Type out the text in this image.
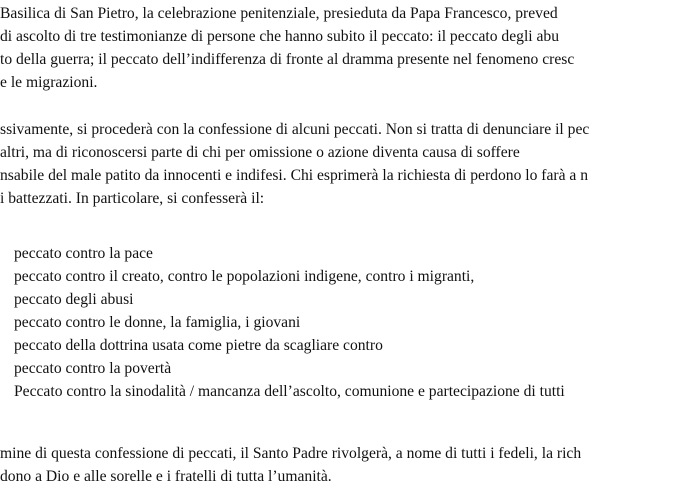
Basilica di San Pietro, la celebrazione penitenziale, presieduta da Papa Francesco, preved
di ascolto di tre testimonianze di persone che hanno subito il peccato: il peccato degli abu
to della guerra; il peccato dell’indifferenza di fronte al dramma presente nel fenomeno cresc
e le migrazioni.
ssivamente, si procederà con la confessione di alcuni peccati. Non si tratta di denunciare il pec
altri, ma di riconoscersi parte di chi per omissione o azione diventa causa di soffere
nsabile del male patito da innocenti e indifesi. Chi esprimerà la richiesta di perdono lo farà a n
i battezzati. In particolare, si confesserà il:
peccato contro la pace
peccato contro il creato, contro le popolazioni indigene, contro i migranti,
peccato degli abusi
peccato contro le donne, la famiglia, i giovani
peccato della dottrina usata come pietre da scagliare contro
peccato contro la povertà
Peccato contro la sinodalità / mancanza dell’ascolto, comunione e partecipazione di tutti
mine di questa confessione di peccati, il Santo Padre rivolgerà, a nome di tutti i fedeli, la rich
dono a Dio e alle sorelle e i fratelli di tutta l’umanità.
